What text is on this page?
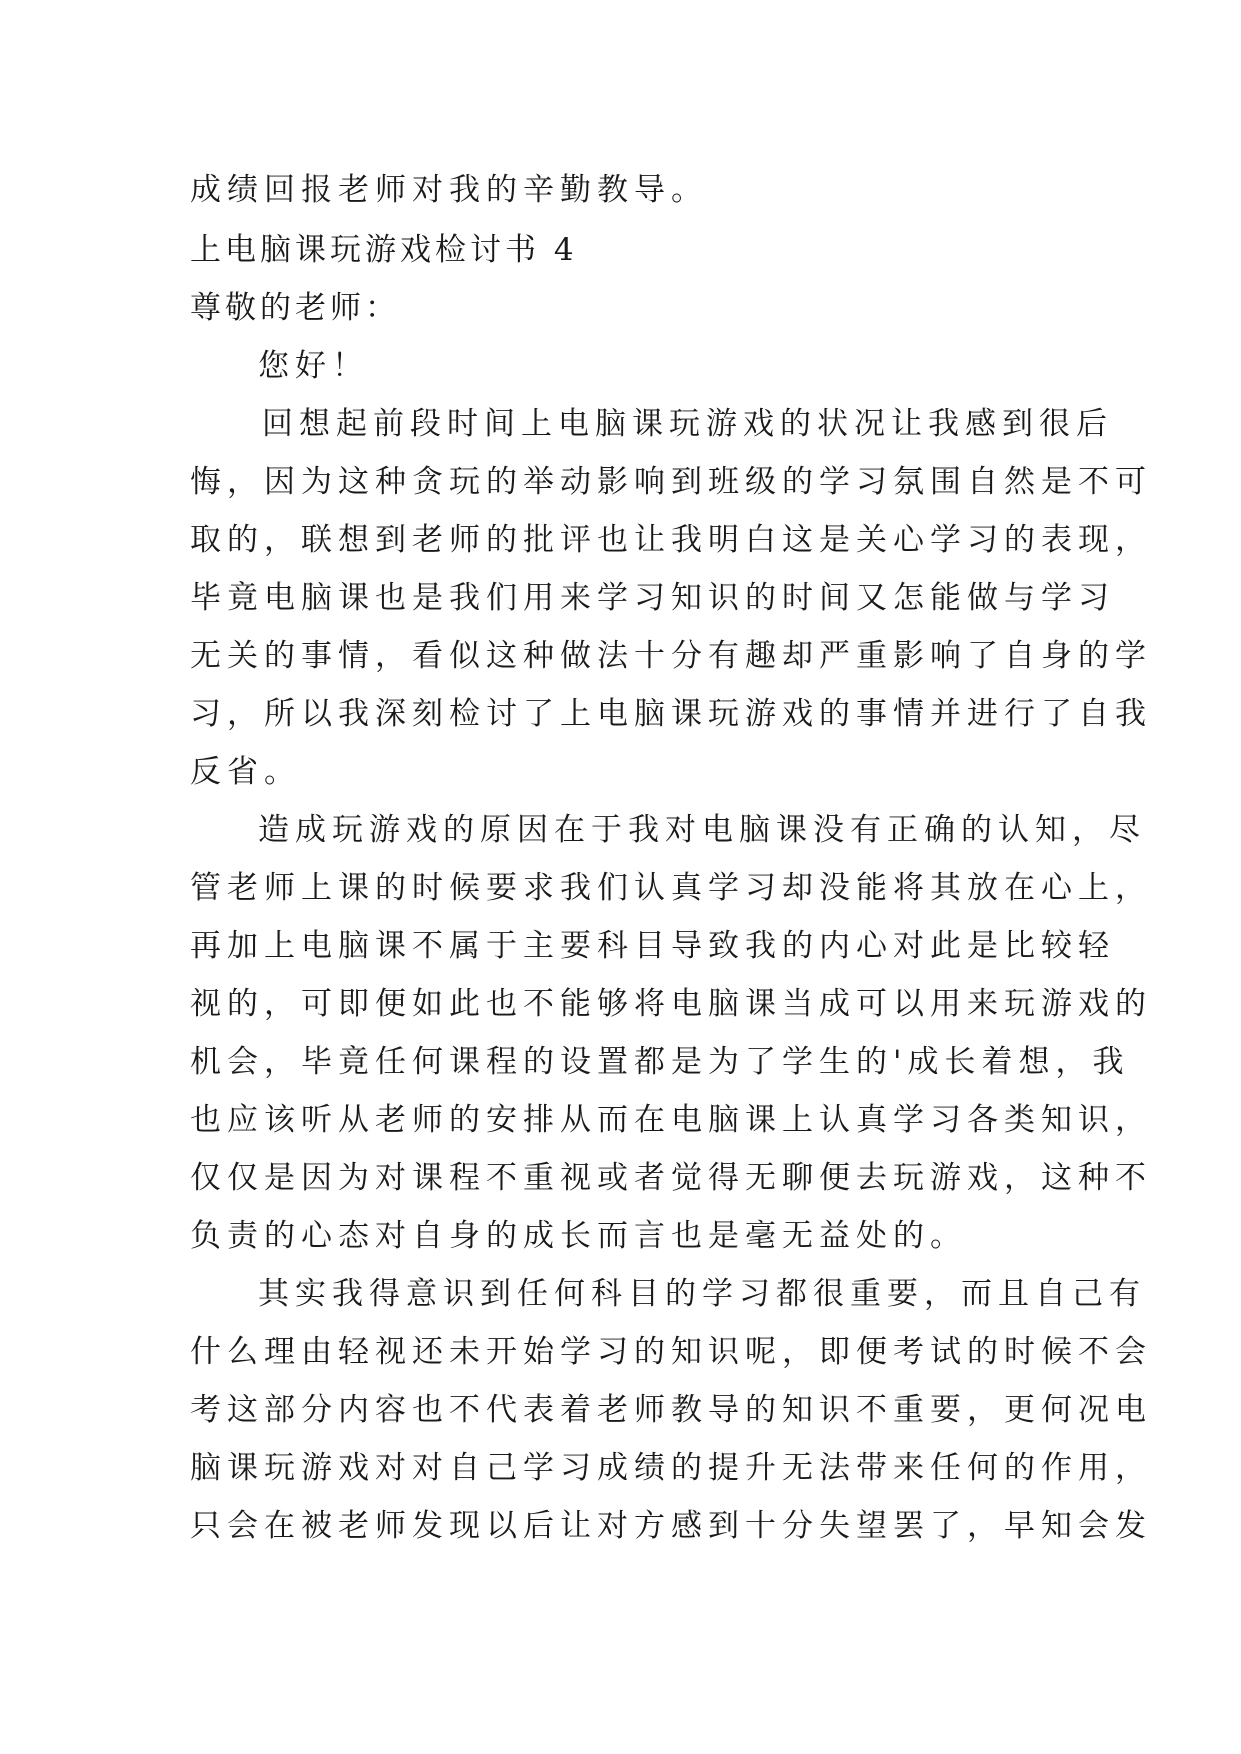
成绩回报老师对我的辛勤教导。
上电脑课玩游戏检讨书 4
尊敬的老师：
您好！
回想起前段时间上电脑课玩游戏的状况让我感到很后
悔，因为这种贪玩的举动影响到班级的学习氛围自然是不可
取的，联想到老师的批评也让我明白这是关心学习的表现，
毕竟电脑课也是我们用来学习知识的时间又怎能做与学习
无关的事情，看似这种做法十分有趣却严重影响了自身的学
习，所以我深刻检讨了上电脑课玩游戏的事情并进行了自我
反省。
造成玩游戏的原因在于我对电脑课没有正确的认知，尽
管老师上课的时候要求我们认真学习却没能将其放在心上，
再加上电脑课不属于主要科目导致我的内心对此是比较轻
视的，可即便如此也不能够将电脑课当成可以用来玩游戏的
机会，毕竟任何课程的设置都是为了学生的'成长着想，我
也应该听从老师的安排从而在电脑课上认真学习各类知识，
仅仅是因为对课程不重视或者觉得无聊便去玩游戏，这种不
负责的心态对自身的成长而言也是毫无益处的。
其实我得意识到任何科目的学习都很重要，而且自己有
什么理由轻视还未开始学习的知识呢，即便考试的时候不会
考这部分内容也不代表着老师教导的知识不重要，更何况电
脑课玩游戏对对自己学习成绩的提升无法带来任何的作用，
只会在被老师发现以后让对方感到十分失望罢了，早知会发
